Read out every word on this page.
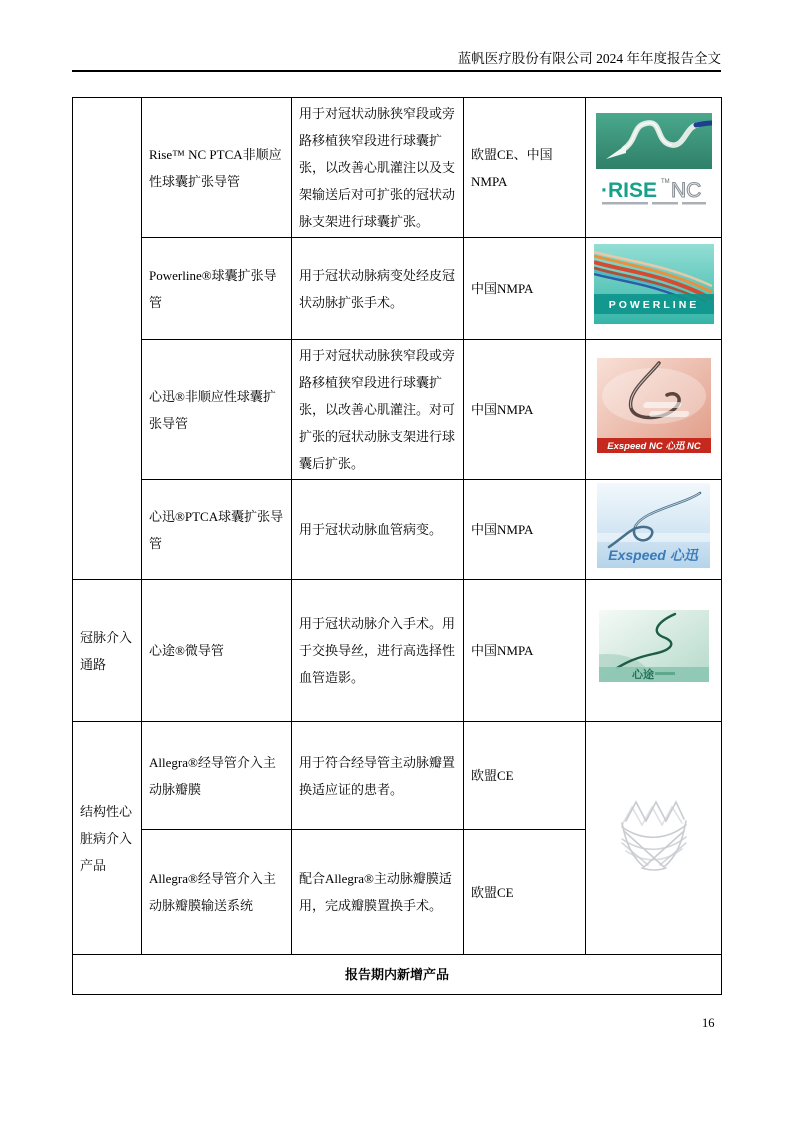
蓝帆医疗股份有限公司 2024 年年度报告全文
	Rise™ NC PTCA非顺应性球囊扩张导管	用于对冠状动脉狭窄段或旁路移植狭窄段进行球囊扩张，以改善心肌灌注以及支架输送后对可扩张的冠状动脉支架进行球囊扩张。	欧盟CE、中国NMPA	·RISE TM NC

	Powerline®球囊扩张导管	用于冠状动脉病变处经皮冠状动脉扩张手术。	中国NMPA	POWERLINE

	心迅®非顺应性球囊扩张导管	用于对冠状动脉狭窄段或旁路移植狭窄段进行球囊扩张，以改善心肌灌注。对可扩张的冠状动脉支架进行球囊后扩张。	中国NMPA	Exspeed NC 心迅 NC

	心迅®PTCA球囊扩张导管	用于冠状动脉血管病变。	中国NMPA	Exspeed 心迅

冠脉介入通路	心途®微导管	用于冠状动脉介入手术。用于交换导丝，进行高选择性血管造影。	中国NMPA	心途

结构性心脏病介入产品	Allegra®经导管介入主动脉瓣膜	用于符合经导管主动脉瓣置换适应证的患者。	欧盟CE	
	Allegra®经导管介入主动脉瓣膜输送系统	配合Allegra®主动脉瓣膜适用，完成瓣膜置换手术。	欧盟CE	
报告期内新增产品				
16
